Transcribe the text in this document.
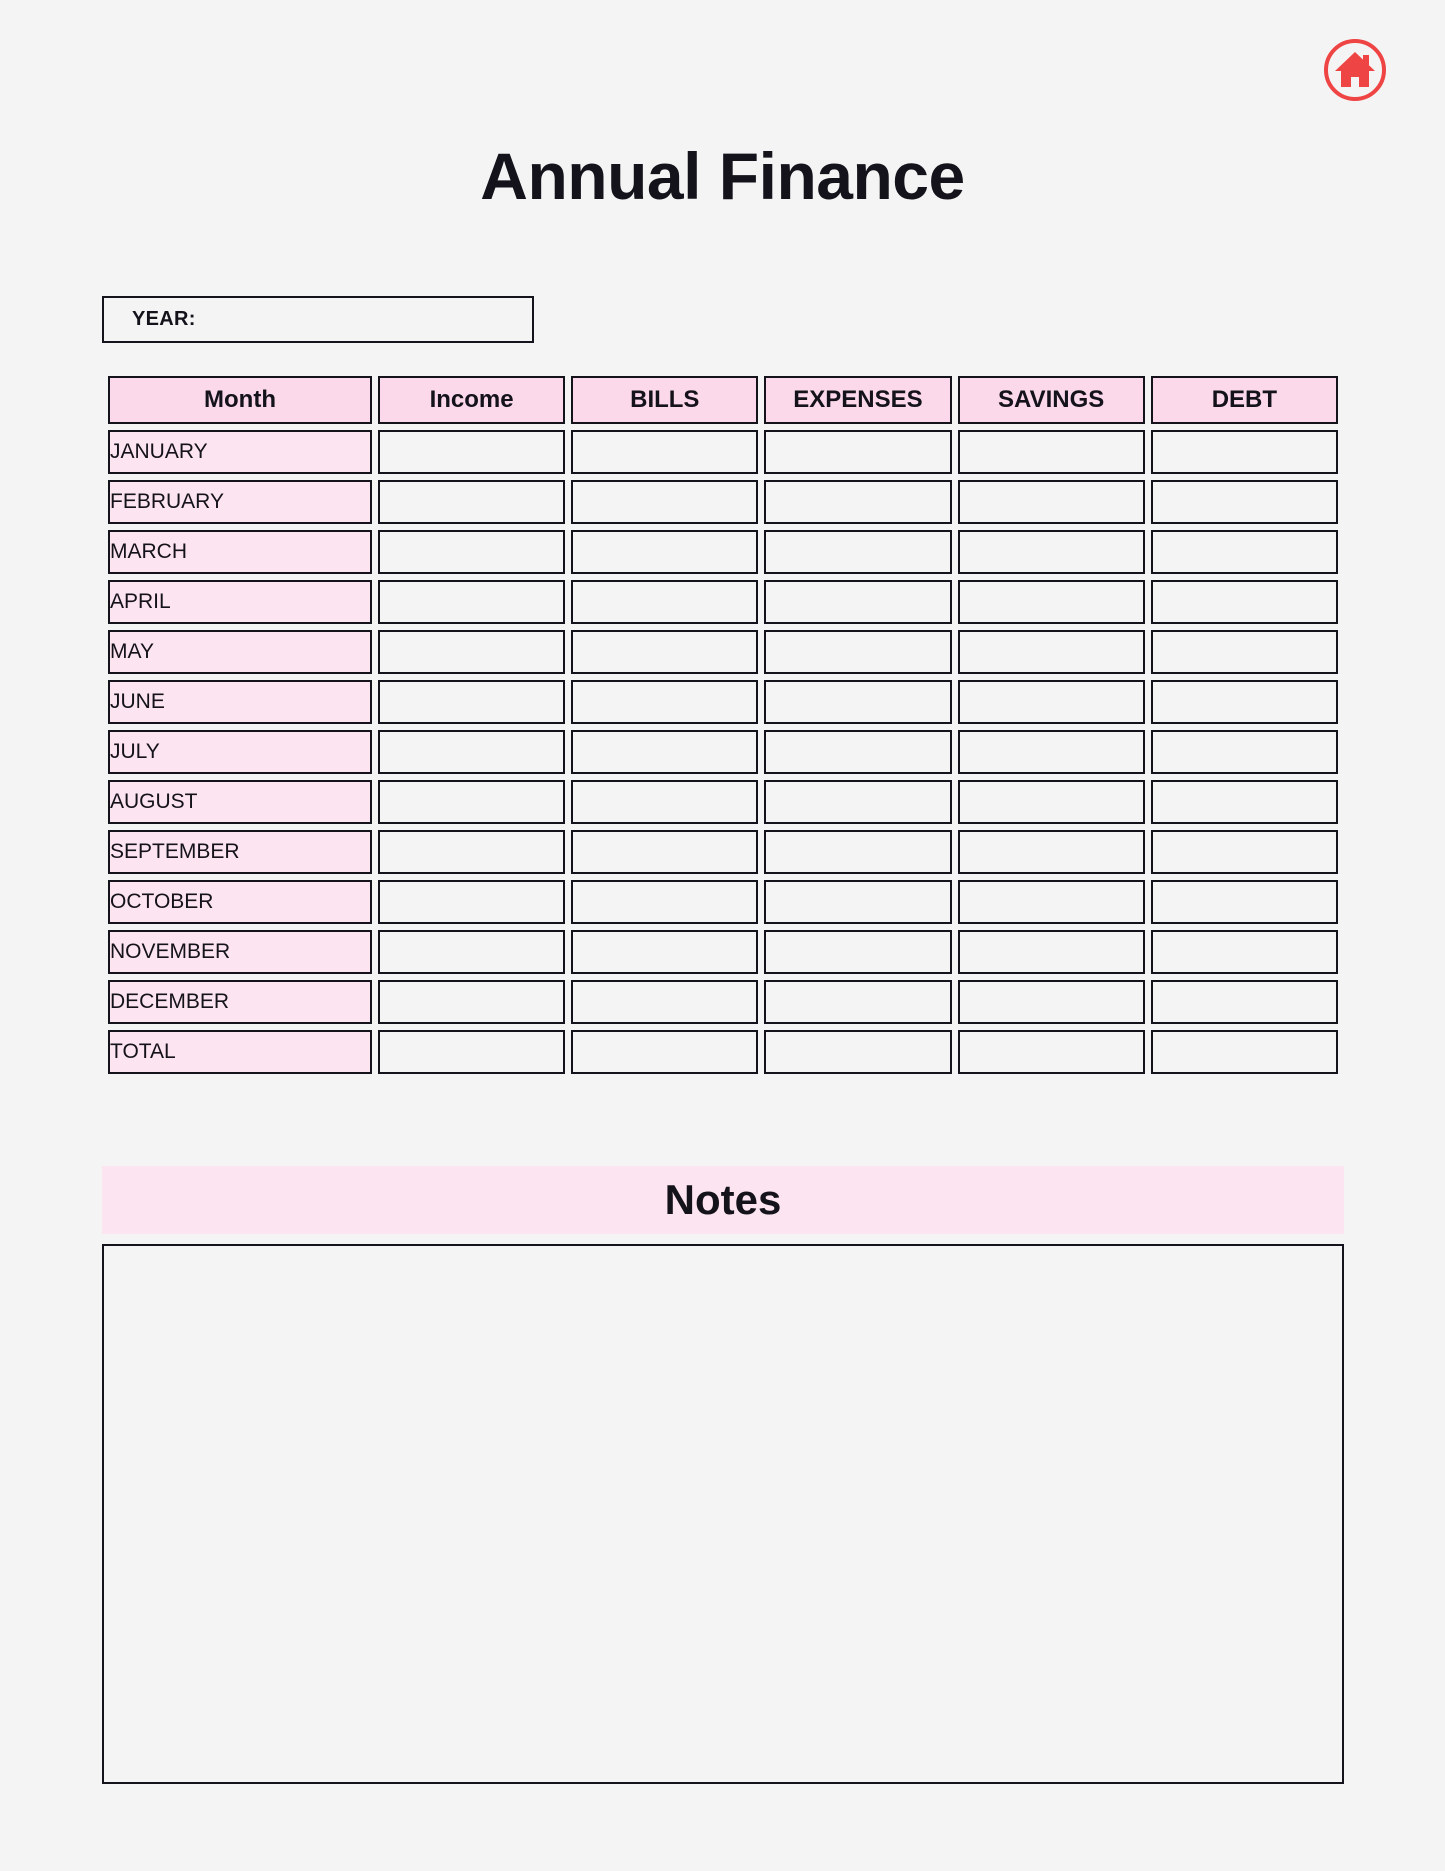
Annual Finance
YEAR:
Month	Income	BILLS	EXPENSES	SAVINGS	DEBT
JANUARY					
FEBRUARY					
MARCH					
APRIL					
MAY					
JUNE					
JULY					
AUGUST					
SEPTEMBER					
OCTOBER					
NOVEMBER					
DECEMBER					
TOTAL					
Notes
